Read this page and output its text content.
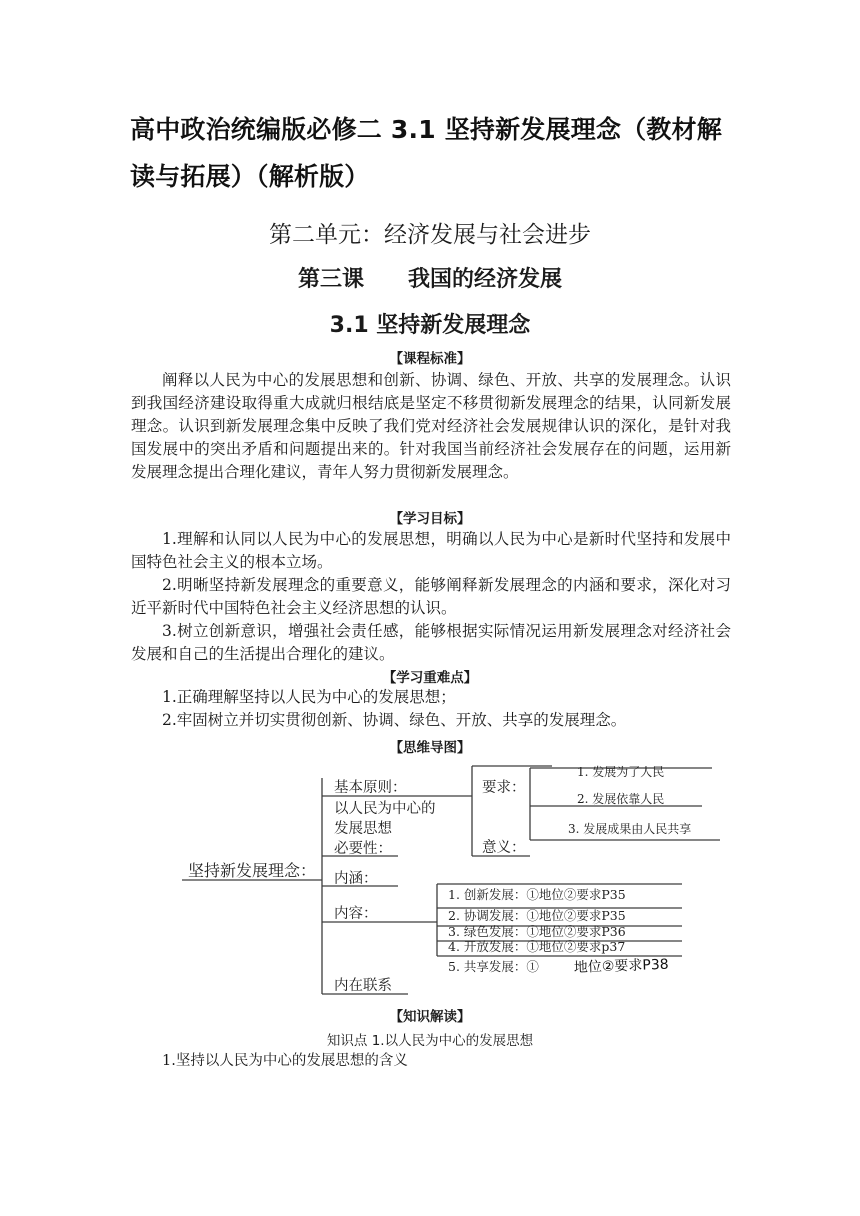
高中政治统编版必修二 3.1 坚持新发展理念（教材解读与拓展）（解析版）
第二单元：经济发展与社会进步
第三课 我国的经济发展
3.1 坚持新发展理念
【课程标准】

阐释以人民为中心的发展思想和创新、协调、绿色、开放、共享的发展理念。认识到我国经济建设取得重大成就归根结底是坚定不移贯彻新发展理念的结果，认同新发展理念。认识到新发展理念集中反映了我们党对经济社会发展规律认识的深化，是针对我国发展中的突出矛盾和问题提出来的。针对我国当前经济社会发展存在的问题，运用新发展理念提出合理化建议，青年人努力贯彻新发展理念。

【学习目标】

1.理解和认同以人民为中心的发展思想，明确以人民为中心是新时代坚持和发展中国特色社会主义的根本立场。

2.明晰坚持新发展理念的重要意义，能够阐释新发展理念的内涵和要求，深化对习近平新时代中国特色社会主义经济思想的认识。

3.树立创新意识，增强社会责任感，能够根据实际情况运用新发展理念对经济社会发展和自己的生活提出合理化的建议。

【学习重难点】
1.正确理解坚持以人民为中心的发展思想；
2.牢固树立并切实贯彻创新、协调、绿色、开放、共享的发展理念。
【思维导图】
坚持新发展理念：
基本原则：
以人民为中心的
发展思想
要求：
1. 发展为了人民
2. 发展依靠人民
3. 发展成果由人民共享
意义：
必要性：
内涵：
内容：
1. 创新发展：①地位②要求P35
2. 协调发展：①地位②要求P35
3. 绿色发展：①地位②要求P36
4. 开放发展：①地位②要求p37
5. 共享发展：① 地位②要求P38
内在联系
【知识解读】
知识点 1.以人民为中心的发展思想
1.坚持以人民为中心的发展思想的含义
